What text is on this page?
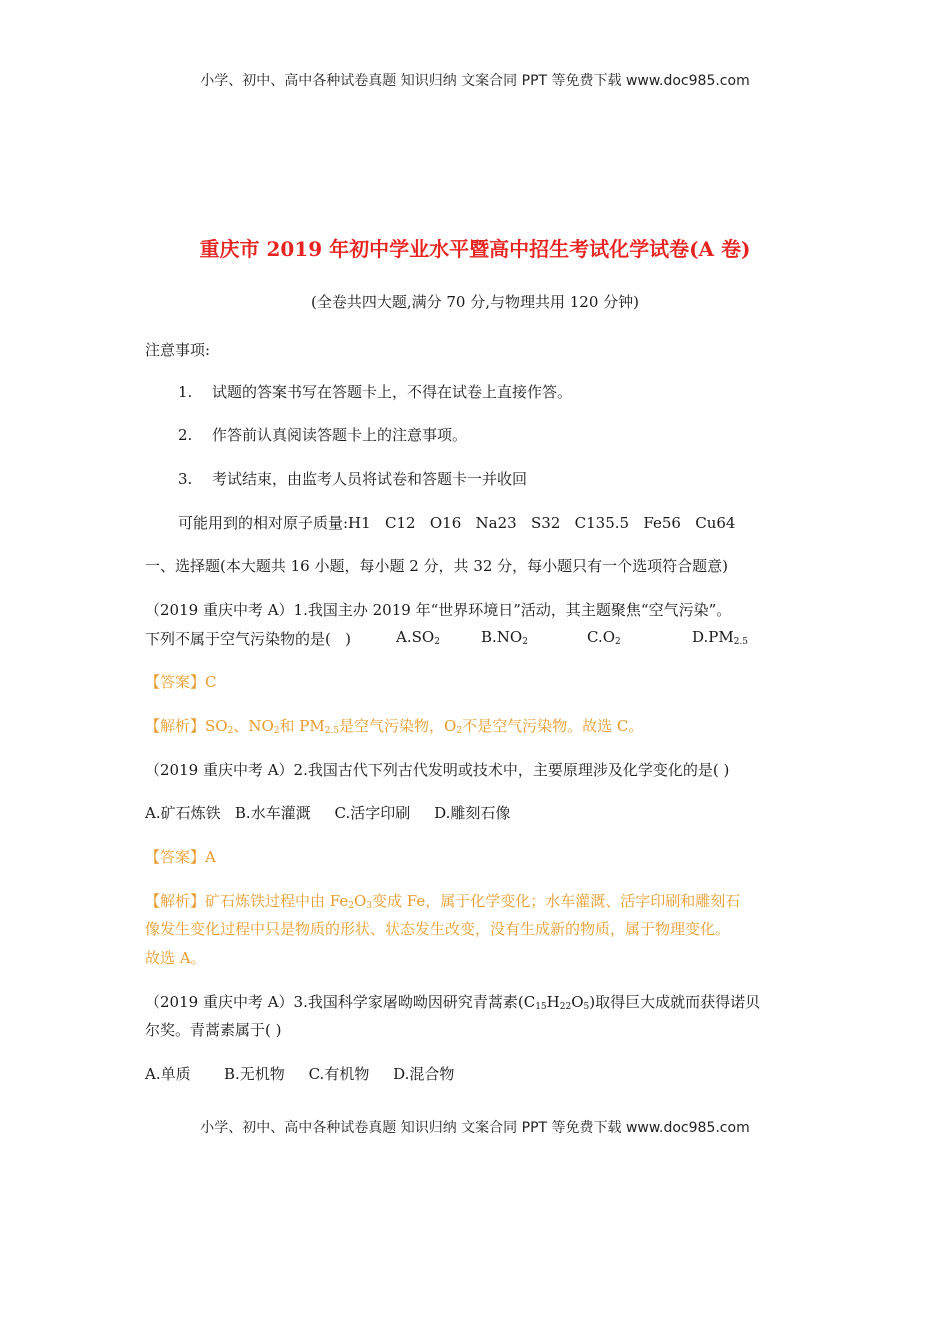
小学、初中、高中各种试卷真题 知识归纳 文案合同 PPT 等免费下载 www.doc985.com
重庆市 2019 年初中学业水平暨高中招生考试化学试卷(A 卷)
(全卷共四大题,满分 70 分,与物理共用 120 分钟)
注意事项:
1. 试题的答案书写在答题卡上，不得在试卷上直接作答。
2. 作答前认真阅读答题卡上的注意事项。
3. 考试结束，由监考人员将试卷和答题卡一并收回
可能用到的相对原子质量:H1   C12   O16   Na23   S32   C135.5   Fe56   Cu64
一、选择题(本大题共 16 小题，每小题 2 分，共 32 分，每小题只有一个选项符合题意)
（2019 重庆中考 A）1.我国主办 2019 年“世界环境日”活动，其主题聚焦“空气污染”。
下列不属于空气污染物的是(   )	$A.SO_2$	$B.NO_2$	$C.O_2$	$D.PM_{2.5}$
【答案】C
【解析】$SO_2$、$NO_2$和 $PM_{2.5}$是空气污染物，$O_2$不是空气污染物。故选 C。
（2019 重庆中考 A）2.我国古代下列古代发明或技术中，主要原理涉及化学变化的是( )
A.矿石炼铁   B.水车灌溉     C.活字印刷     D.雕刻石像
【答案】A
【解析】矿石炼铁过程中由 $Fe_2O_3$变成 Fe，属于化学变化；水车灌溉、活字印刷和雕刻石
像发生变化过程中只是物质的形状、状态发生改变，没有生成新的物质，属于物理变化。
故选 A。
（2019 重庆中考 A）3.我国科学家屠呦呦因研究青蒿素$(C_{15}H_{22}O_5)$取得巨大成就而获得诺贝
尔奖。青蒿素属于( )
A.单质       B.无机物     C.有机物     D.混合物
小学、初中、高中各种试卷真题 知识归纳 文案合同 PPT 等免费下载 www.doc985.com
